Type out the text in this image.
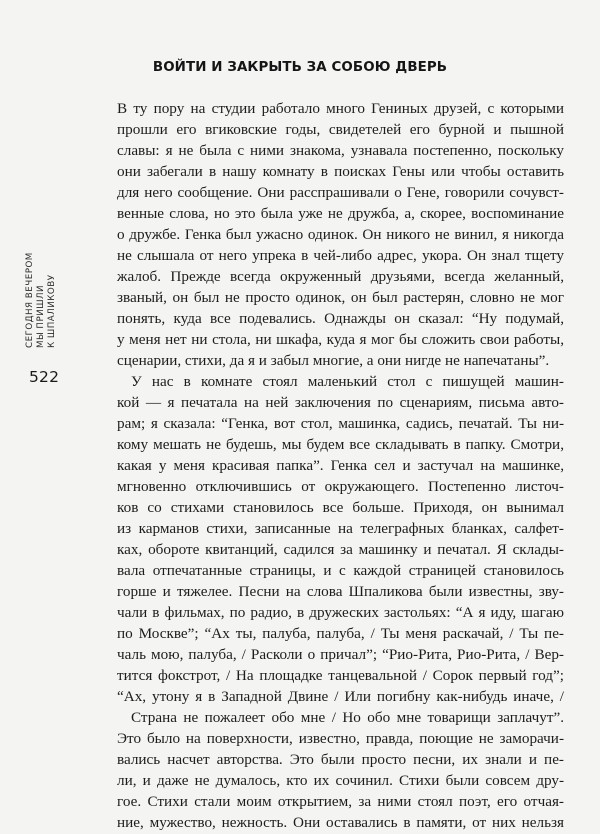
ВОЙТИ И ЗАКРЫТЬ ЗА СОБОЮ ДВЕРЬ
СЕГОДНЯ ВЕЧЕРОМ МЫ ПРИШЛИ К ШПАЛИКОВУ
522
В ту пору на студии работало много Гениных друзей, с которыми
прошли его вгиковские годы, свидетелей его бурной и пышной
славы: я не была с ними знакома, узнавала постепенно, поскольку
они забегали в нашу комнату в поисках Гены или чтобы оставить
для него сообщение. Они расспрашивали о Гене, говорили сочувст-
венные слова, но это была уже не дружба, а, скорее, воспоминание
о дружбе. Генка был ужасно одинок. Он никого не винил, я никогда
не слышала от него упрека в чей-либо адрес, укора. Он знал тщету
жалоб. Прежде всегда окруженный друзьями, всегда желанный,
званый, он был не просто одинок, он был растерян, словно не мог
понять, куда все подевались. Однажды он сказал: “Ну подумай,
у меня нет ни стола, ни шкафа, куда я мог бы сложить свои работы,
сценарии, стихи, да я и забыл многие, а они нигде не напечатаны”.
У нас в комнате стоял маленький стол с пишущей машин-
кой — я печатала на ней заключения по сценариям, письма авто-
рам; я сказала: “Генка, вот стол, машинка, садись, печатай. Ты ни-
кому мешать не будешь, мы будем все складывать в папку. Смотри,
какая у меня красивая папка”. Генка сел и застучал на машинке,
мгновенно отключившись от окружающего. Постепенно листоч-
ков со стихами становилось все больше. Приходя, он вынимал
из карманов стихи, записанные на телеграфных бланках, салфет-
ках, обороте квитанций, садился за машинку и печатал. Я склады-
вала отпечатанные страницы, и с каждой страницей становилось
горше и тяжелее. Песни на слова Шпаликова были известны, зву-
чали в фильмах, по радио, в дружеских застольях: “А я иду, шагаю
по Москве”; “Ах ты, палуба, палуба, / Ты меня раскачай, / Ты пе-
чаль мою, палуба, / Расколи о причал”; “Рио-Рита, Рио-Рита, / Вер-
тится фокстрот, / На площадке танцевальной / Сорок первый год”;
“Ах, утону я в Западной Двине / Или погибну как-нибудь иначе, /
Страна не пожалеет обо мне / Но обо мне товарищи заплачут”.
Это было на поверхности, известно, правда, поющие не заморачи-
вались насчет авторства. Это были просто песни, их знали и пе-
ли, и даже не думалось, кто их сочинил. Стихи были совсем дру-
гое. Стихи стали моим открытием, за ними стоял поэт, его отчая-
ние, мужество, нежность. Они оставались в памяти, от них нельзя
